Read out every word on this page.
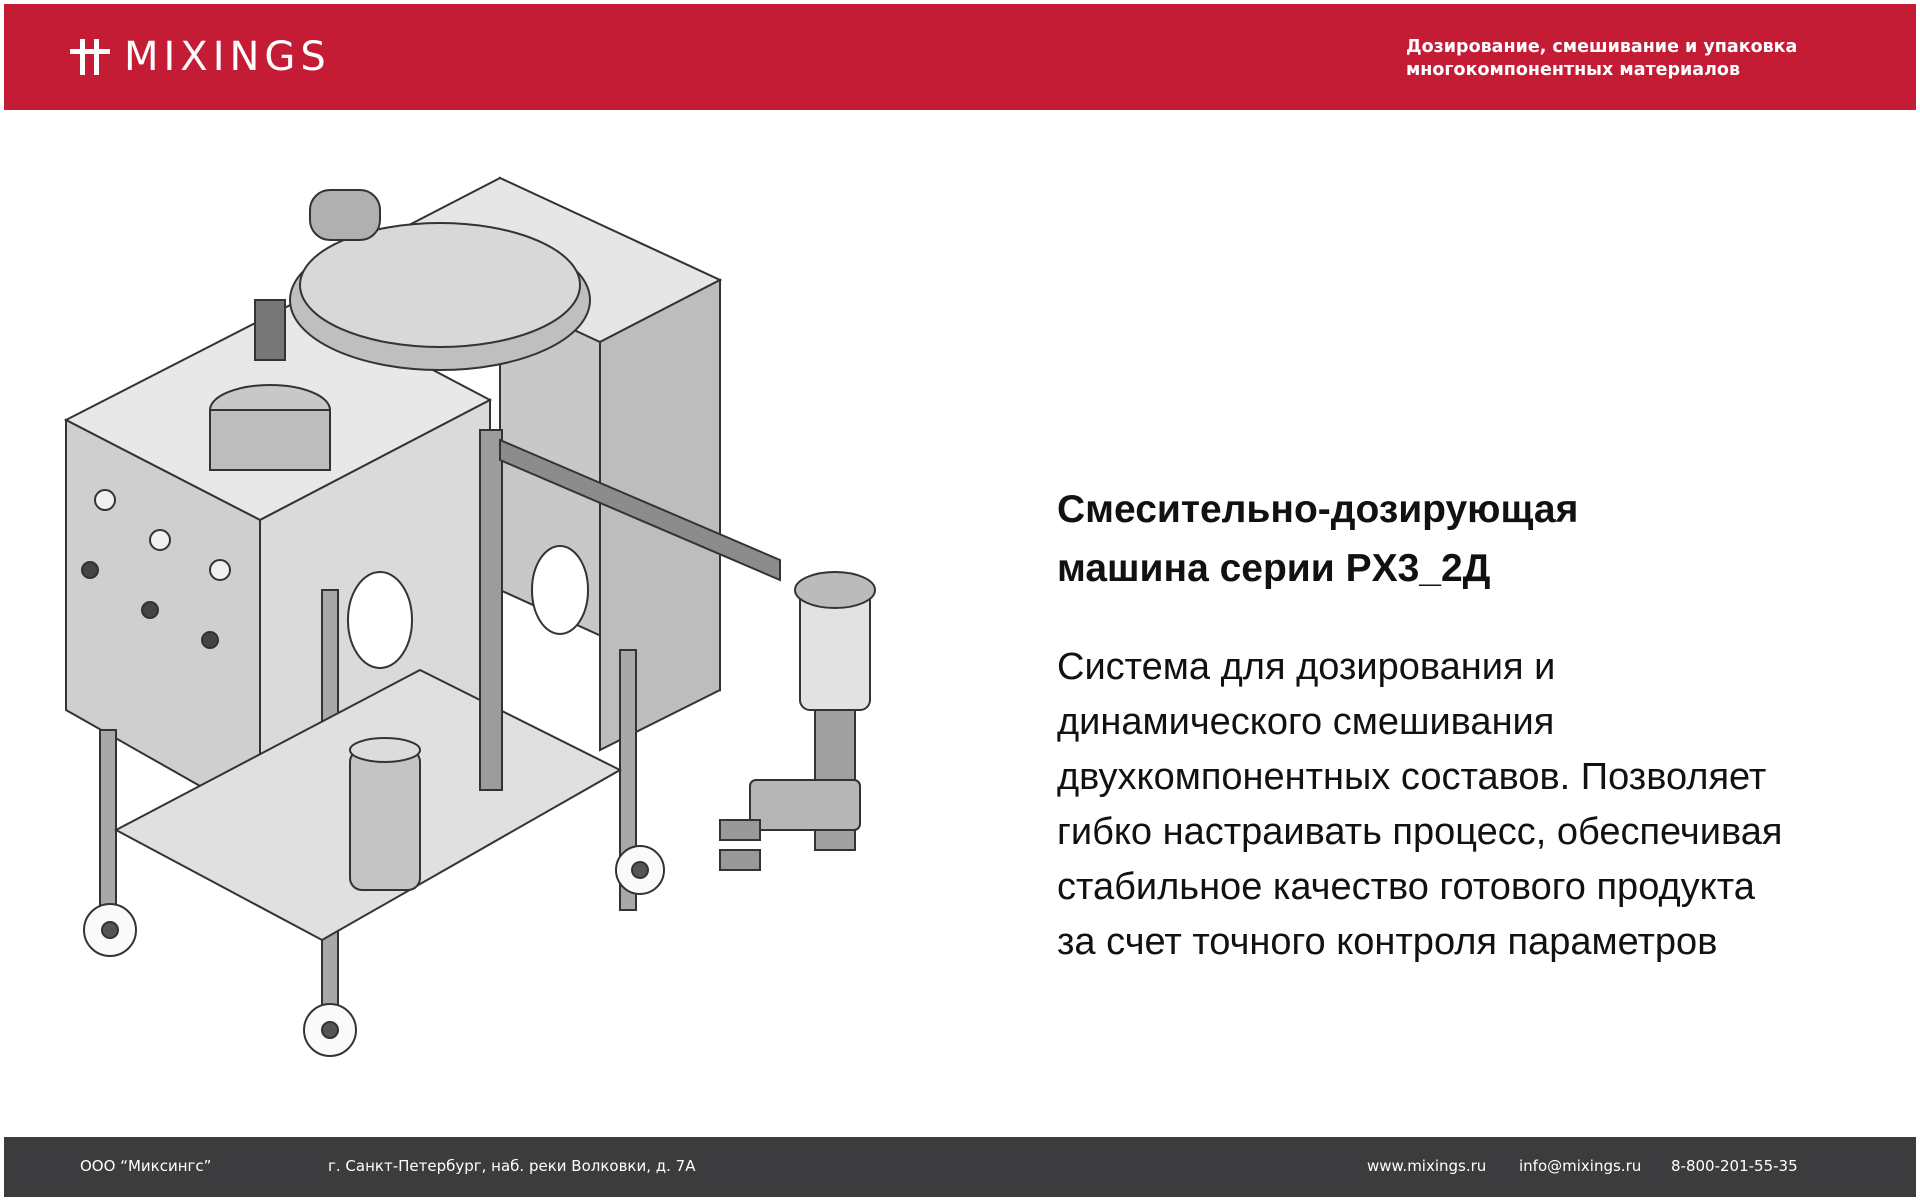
MIXINGS	Дозирование, смешивание и упаковка
многокомпонентных материалов
Смесительно-дозирующая
машина серии PX3_2Д
Система для дозирования и
динамического смешивания
двухкомпонентных составов. Позволяет
гибко настраивать процесс, обеспечивая
стабильное качество готового продукта
за счет точного контроля параметров
ООО “Миксингс”	г. Санкт-Петербург, наб. реки Волковки, д. 7А	www.mixings.ru info@mixings.ru 8-800-201-55-35
